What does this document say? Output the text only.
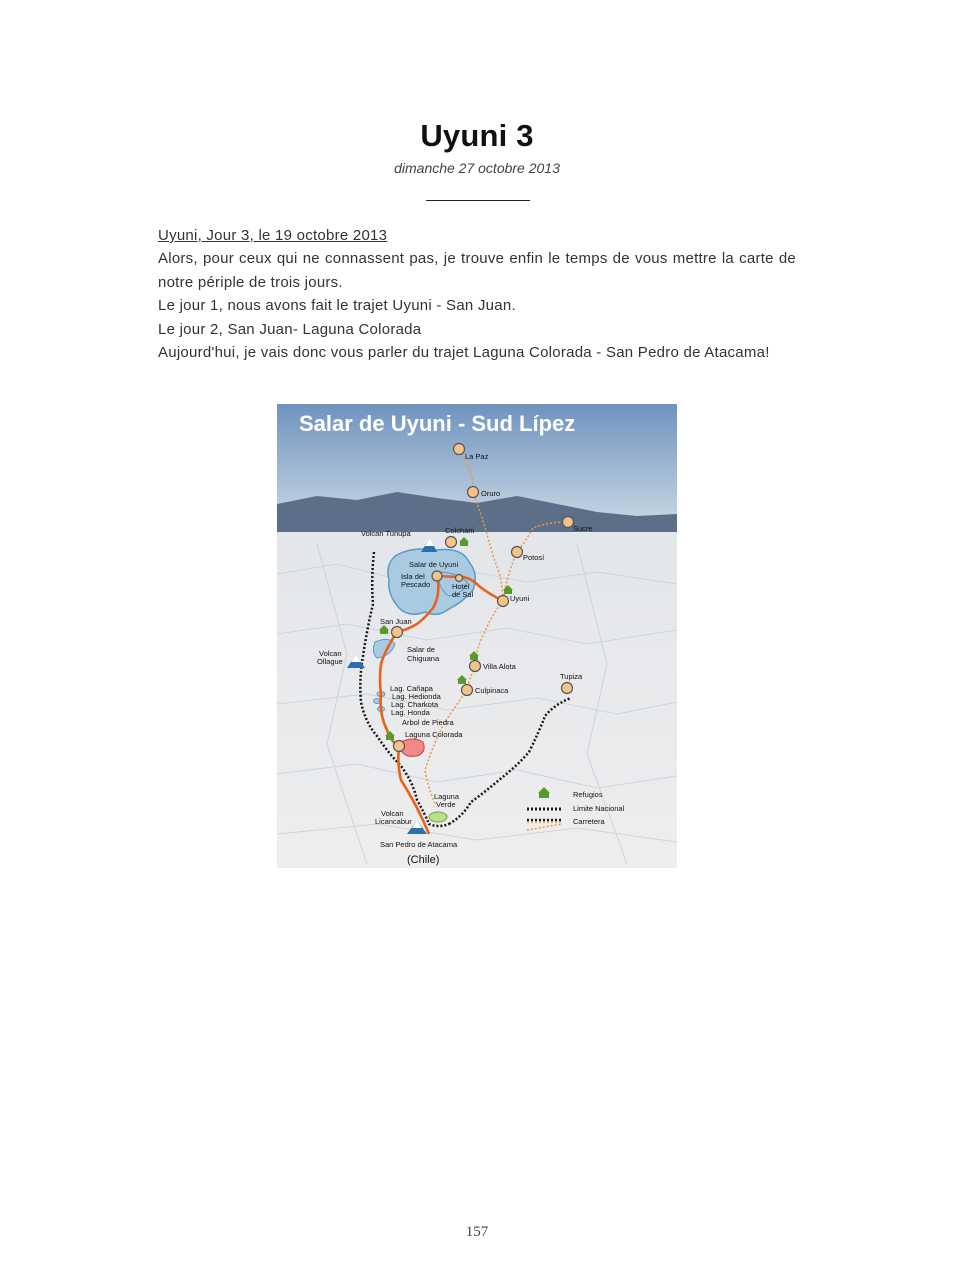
Uyuni 3
dimanche 27 octobre 2013

Uyuni, Jour 3, le 19 octobre 2013

Alors, pour ceux qui ne connassent pas, je trouve enfin le temps de vous mettre la carte de notre périple de trois jours.

Le jour 1, nous avons fait le trajet Uyuni - San Juan.

Le jour 2, San Juan- Laguna Colorada

Aujourd'hui, je vais donc vous parler du trajet Laguna Colorada - San Pedro de Atacama!

Salar de Uyuni - Sud Lípez
La Paz
Oruro
Sucre
Potosí
Colchani
Volcan Tunupa
Salar de Uyuni
Isla del
Pescado	Hotel
de Sal	Uyuni
San Juan
Volcan
Ollague
Salar de
Chiguana
Villa Alota
Culpinaca
Tupiza
Lag. Cañapa
Lag. Hedionda
Lag. Charkota
Lag. Honda
Arbol de Piedra
Laguna Colorada
Laguna
Verde
Volcan
Licancabur
San Pedro de Atacama
(Chile)
Refugios
Limite Nacional
Carretera
157
